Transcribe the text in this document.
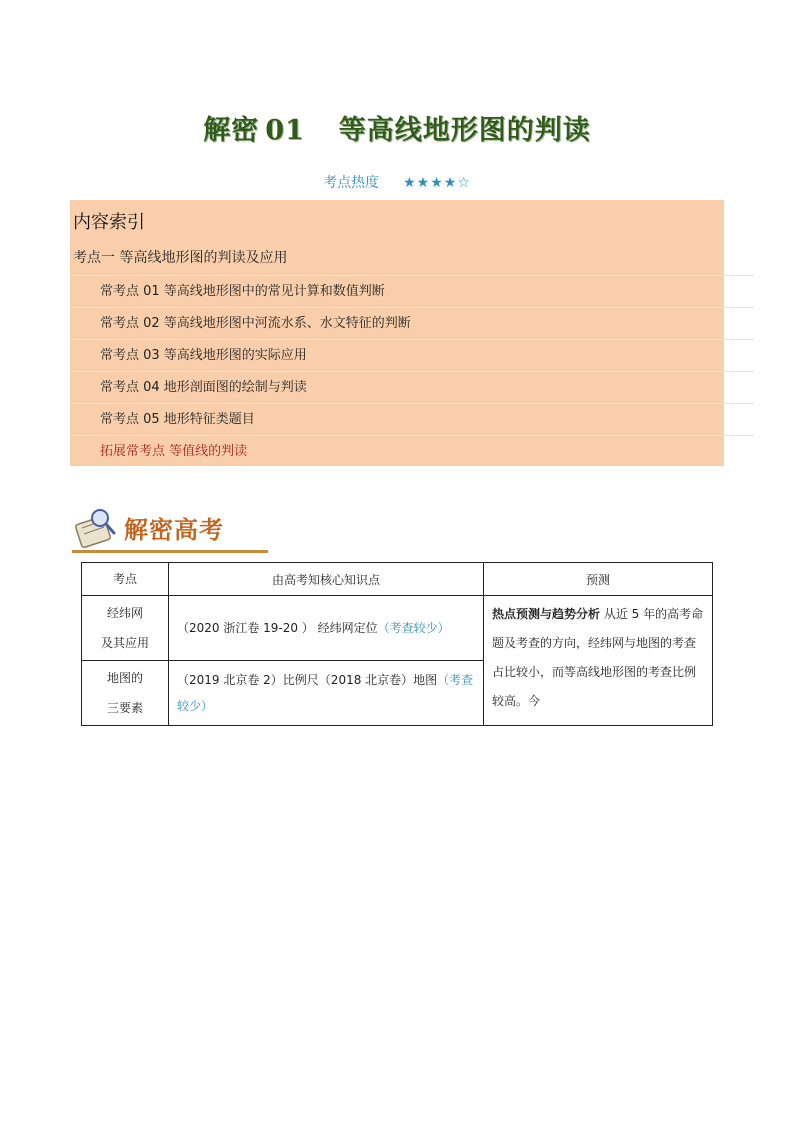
解密 01 等高线地形图的判读
考点热度 ★★★★☆
内容索引
考点一 等高线地形图的判读及应用
常考点 01 等高线地形图中的常见计算和数值判断
常考点 02 等高线地形图中河流水系、水文特征的判断
常考点 03 等高线地形图的实际应用
常考点 04 地形剖面图的绘制与判读
常考点 05 地形特征类题目
拓展常考点 等值线的判读
解密高考
考点	由高考知核心知识点	预测

经纬网
及其应用	（2020 浙江卷 19-20 ） 经纬网定位（考查较少）	热点预测与趋势分析 从近 5 年的高考命题及考查的方向，经纬网与地图的考查占比较小，而等高线地形图的考查比例较高。今

地图的
三要素	（2019 北京卷 2）比例尺（2018 北京卷）地图（考查较少）	
